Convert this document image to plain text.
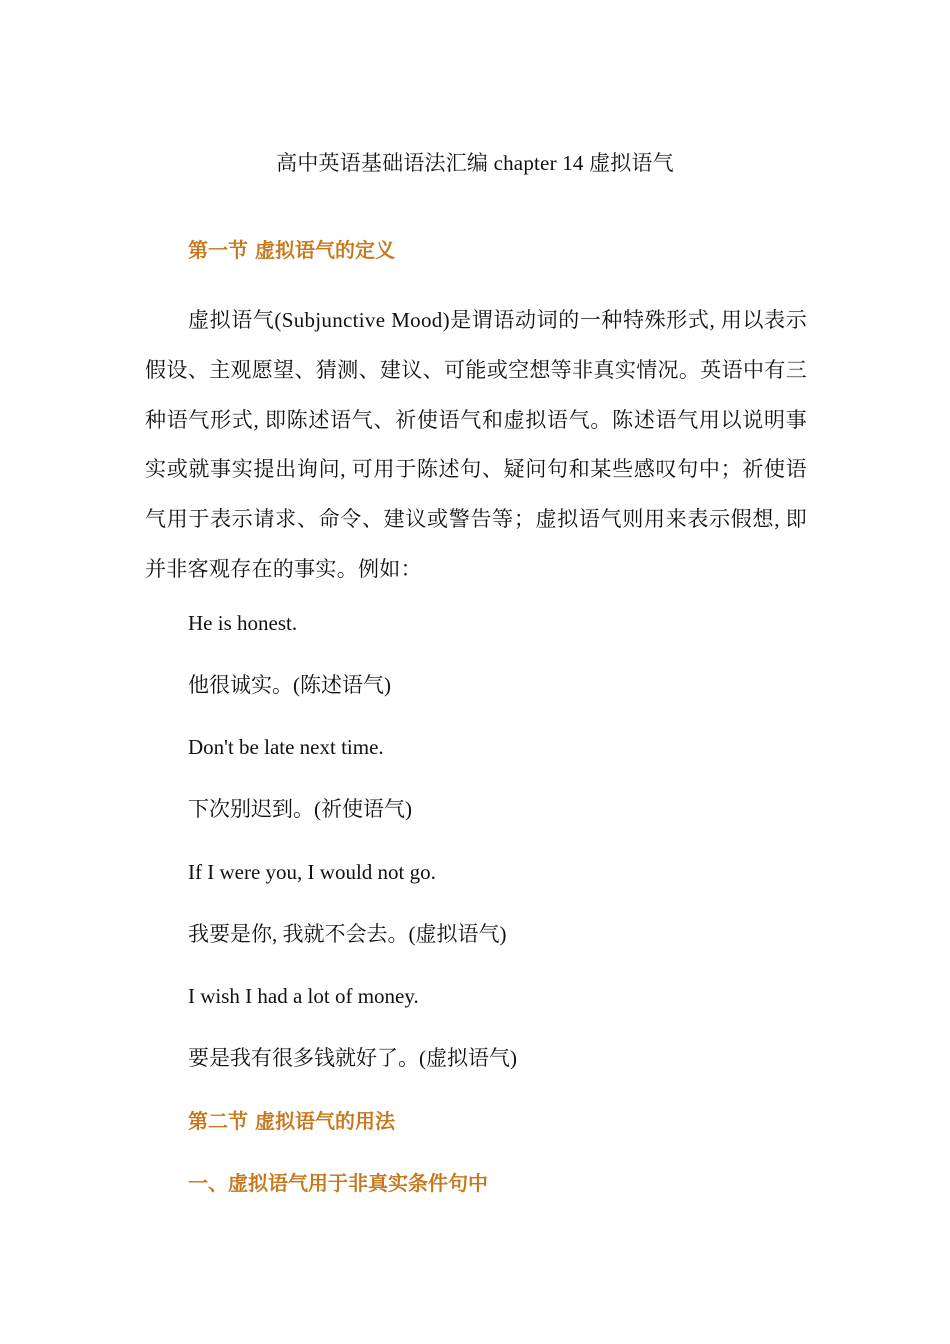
高中英语基础语法汇编 chapter 14 虚拟语气
第一节 虚拟语气的定义

虚拟语气(Subjunctive Mood)是谓语动词的一种特殊形式, 用以表示假设、主观愿望、猜测、建议、可能或空想等非真实情况。英语中有三种语气形式, 即陈述语气、祈使语气和虚拟语气。陈述语气用以说明事实或就事实提出询问, 可用于陈述句、疑问句和某些感叹句中；祈使语气用于表示请求、命令、建议或警告等；虚拟语气则用来表示假想, 即并非客观存在的事实。例如：

He is honest.
他很诚实。(陈述语气)
Don't be late next time.
下次别迟到。(祈使语气)
If I were you, I would not go.
我要是你, 我就不会去。(虚拟语气)
I wish I had a lot of money.
要是我有很多钱就好了。(虚拟语气)
第二节 虚拟语气的用法
一、虚拟语气用于非真实条件句中
